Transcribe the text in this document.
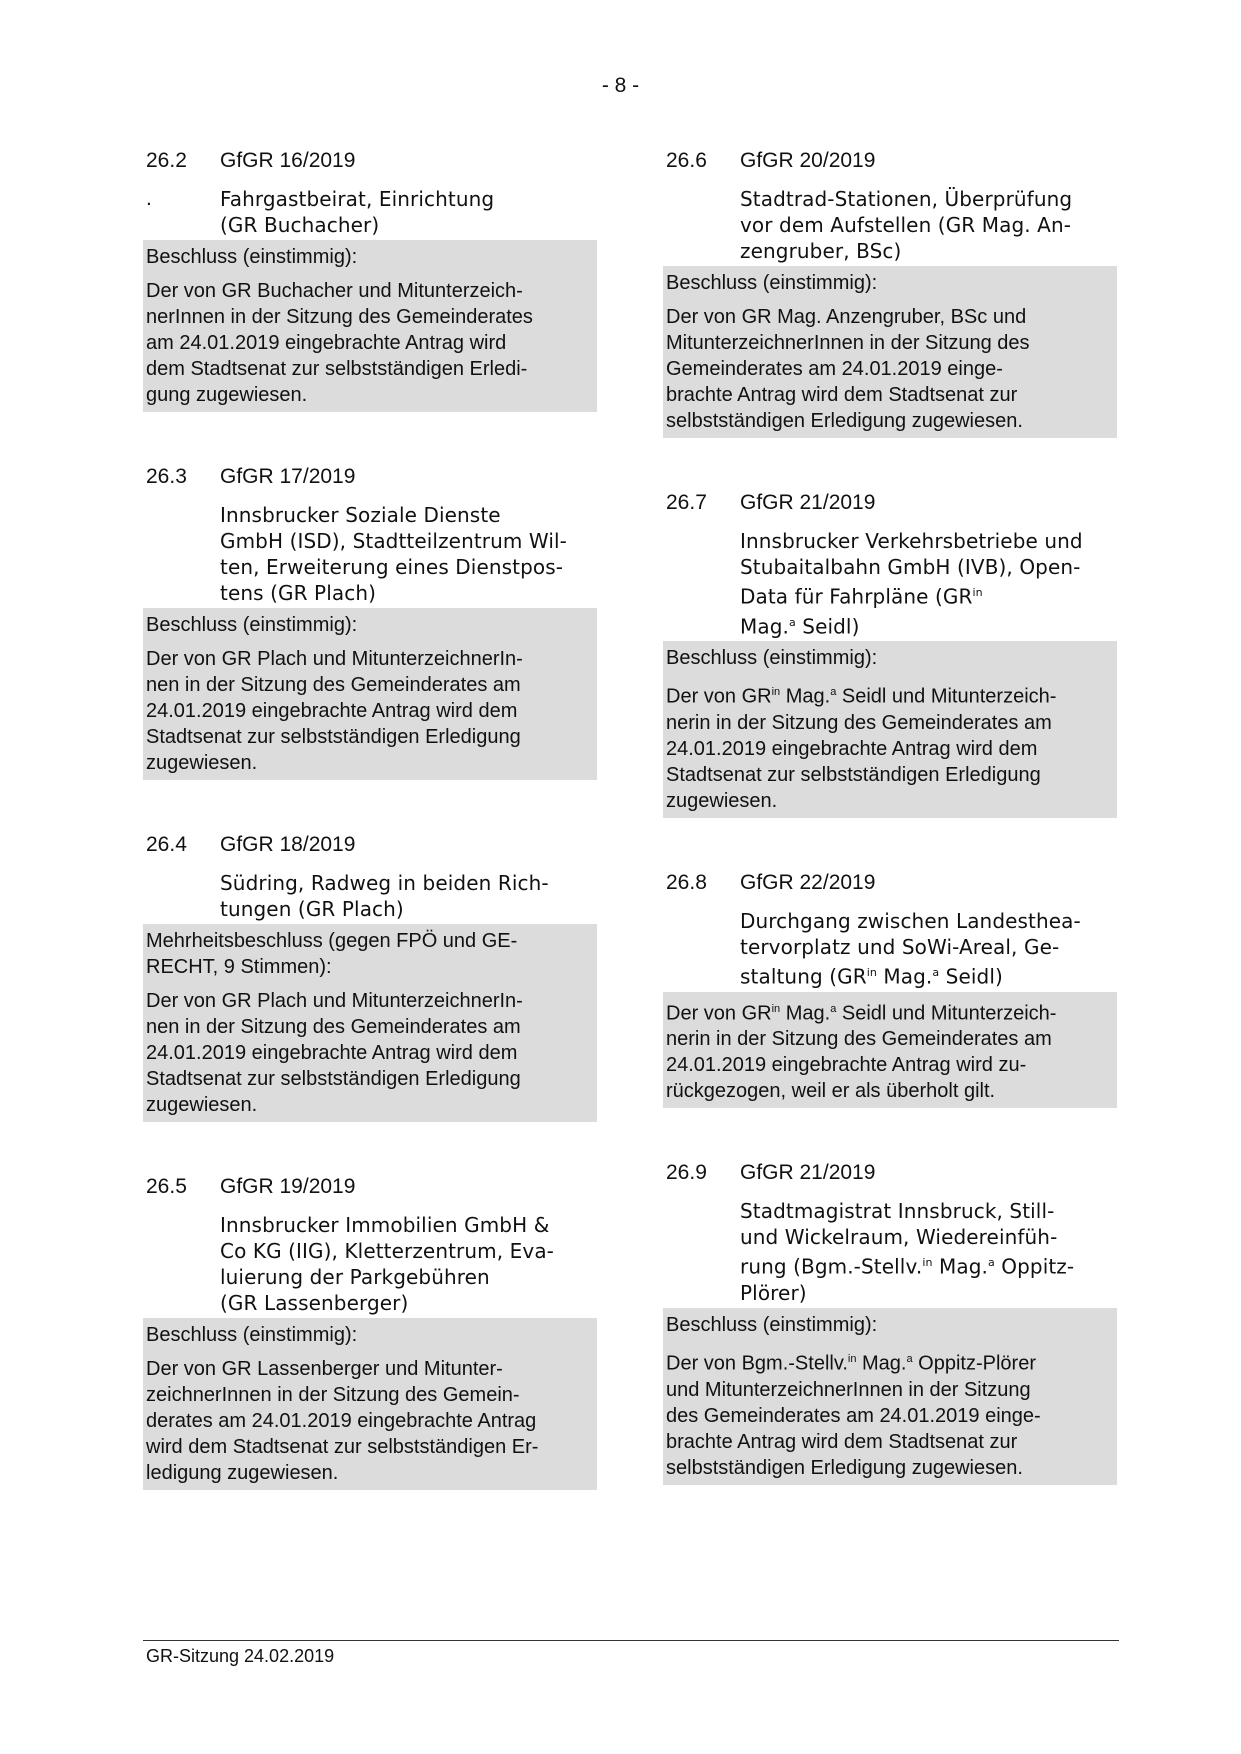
- 8 -
26.2	GfGR 16/2019
.	Fahrgastbeirat, Einrichtung
(GR Buchacher)
Beschluss (einstimmig):
Der von GR Buchacher und Mitunterzeich-
nerInnen in der Sitzung des Gemeinderates
am 24.01.2019 eingebrachte Antrag wird
dem Stadtsenat zur selbstständigen Erledi-
gung zugewiesen.
26.3	GfGR 17/2019
Innsbrucker Soziale Dienste
GmbH (ISD), Stadtteilzentrum Wil-
ten, Erweiterung eines Dienstpos-
tens (GR Plach)
Beschluss (einstimmig):
Der von GR Plach und MitunterzeichnerIn-
nen in der Sitzung des Gemeinderates am
24.01.2019 eingebrachte Antrag wird dem
Stadtsenat zur selbstständigen Erledigung
zugewiesen.
26.4	GfGR 18/2019
Südring, Radweg in beiden Rich-
tungen (GR Plach)
Mehrheitsbeschluss (gegen FPÖ und GE-
RECHT, 9 Stimmen):
Der von GR Plach und MitunterzeichnerIn-
nen in der Sitzung des Gemeinderates am
24.01.2019 eingebrachte Antrag wird dem
Stadtsenat zur selbstständigen Erledigung
zugewiesen.
26.5	GfGR 19/2019
Innsbrucker Immobilien GmbH &
Co KG (IIG), Kletterzentrum, Eva-
luierung der Parkgebühren
(GR Lassenberger)
Beschluss (einstimmig):
Der von GR Lassenberger und Mitunter-
zeichnerInnen in der Sitzung des Gemein-
derates am 24.01.2019 eingebrachte Antrag
wird dem Stadtsenat zur selbstständigen Er-
ledigung zugewiesen.
26.6	GfGR 20/2019
Stadtrad-Stationen, Überprüfung
vor dem Aufstellen (GR Mag. An-
zengruber, BSc)
Beschluss (einstimmig):
Der von GR Mag. Anzengruber, BSc und
MitunterzeichnerInnen in der Sitzung des
Gemeinderates am 24.01.2019 einge-
brachte Antrag wird dem Stadtsenat zur
selbstständigen Erledigung zugewiesen.
26.7	GfGR 21/2019
Innsbrucker Verkehrsbetriebe und
Stubaitalbahn GmbH (IVB), Open-
Data für Fahrpläne ($GR^{in}$
Mag.$^a$ Seidl)
Beschluss (einstimmig):
Der von $GR^{in}$ Mag.$^a$ Seidl und Mitunterzeich-
nerin in der Sitzung des Gemeinderates am
24.01.2019 eingebrachte Antrag wird dem
Stadtsenat zur selbstständigen Erledigung
zugewiesen.
26.8	GfGR 22/2019
Durchgang zwischen Landesthea-
tervorplatz und SoWi-Areal, Ge-
staltung ($GR^{in}$ Mag.$^a$ Seidl)
Der von $GR^{in}$ Mag.$^a$ Seidl und Mitunterzeich-
nerin in der Sitzung des Gemeinderates am
24.01.2019 eingebrachte Antrag wird zu-
rückgezogen, weil er als überholt gilt.
26.9	GfGR 21/2019
Stadtmagistrat Innsbruck, Still-
und Wickelraum, Wiedereinfüh-
rung (Bgm.-Stellv.$^{in}$ Mag.$^a$ Oppitz-
Plörer)
Beschluss (einstimmig):
Der von Bgm.-Stellv.$^{in}$ Mag.$^a$ Oppitz-Plörer
und MitunterzeichnerInnen in der Sitzung
des Gemeinderates am 24.01.2019 einge-
brachte Antrag wird dem Stadtsenat zur
selbstständigen Erledigung zugewiesen.
GR-Sitzung 24.02.2019
